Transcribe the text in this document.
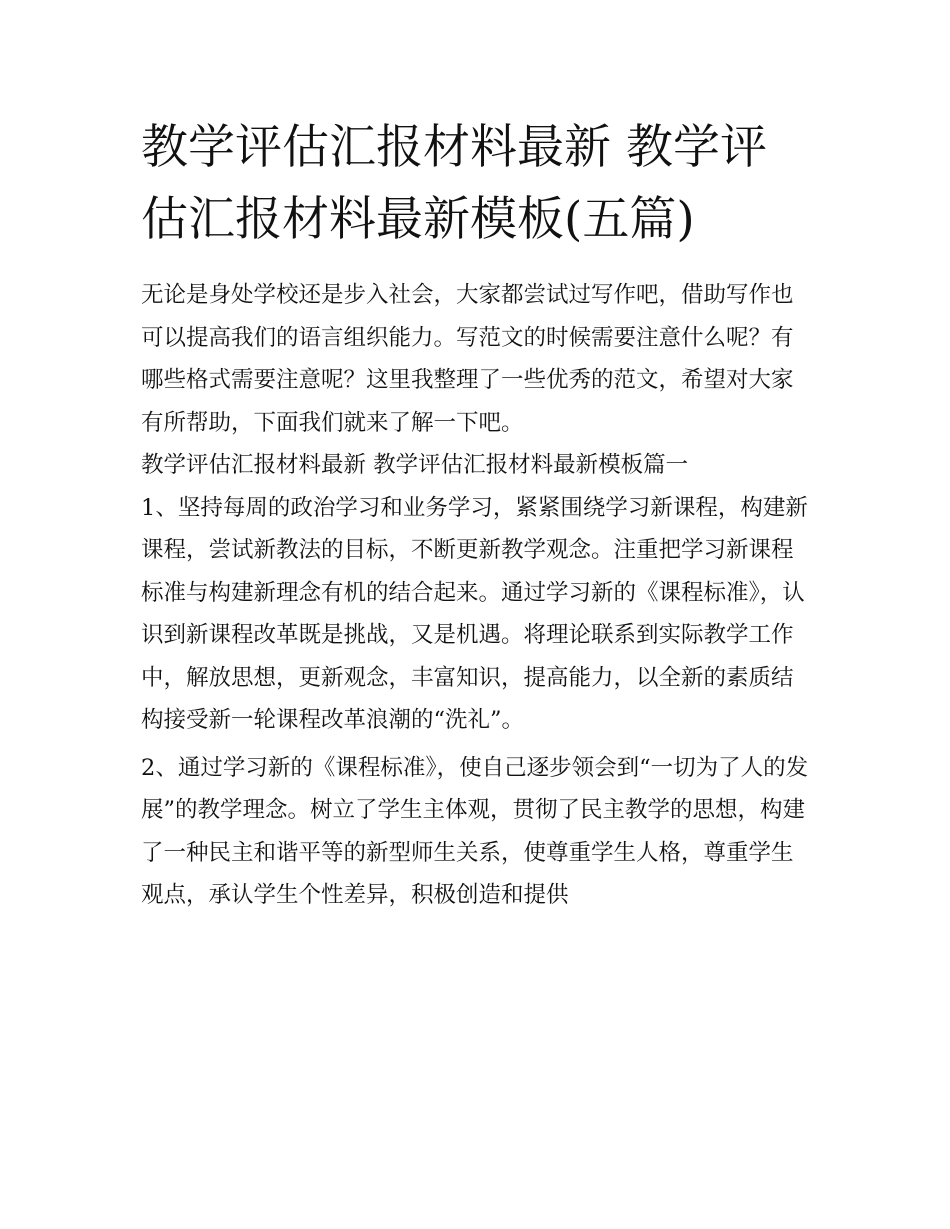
教学评估汇报材料最新 教学评估汇报材料最新模板(五篇)

无论是身处学校还是步入社会，大家都尝试过写作吧，借助写作也可以提高我们的语言组织能力。写范文的时候需要注意什么呢？有哪些格式需要注意呢？这里我整理了一些优秀的范文，希望对大家有所帮助，下面我们就来了解一下吧。

教学评估汇报材料最新 教学评估汇报材料最新模板篇一

1、坚持每周的政治学习和业务学习，紧紧围绕学习新课程，构建新课程，尝试新教法的目标，不断更新教学观念。注重把学习新课程标准与构建新理念有机的结合起来。通过学习新的《课程标准》，认识到新课程改革既是挑战，又是机遇。将理论联系到实际教学工作中，解放思想，更新观念，丰富知识，提高能力，以全新的素质结构接受新一轮课程改革浪潮的“洗礼”。

2、通过学习新的《课程标准》，使自己逐步领会到“一切为了人的发展”的教学理念。树立了学生主体观，贯彻了民主教学的思想，构建了一种民主和谐平等的新型师生关系，使尊重学生人格，尊重学生观点，承认学生个性差异，积极创造和提供
